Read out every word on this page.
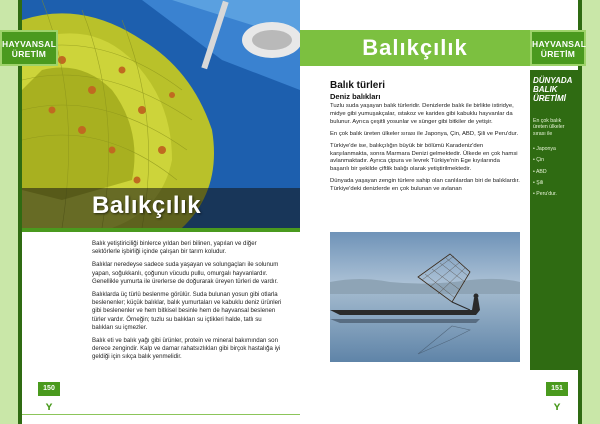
Balıkçılık

Balık yetiştiriciliği binlerce yıldan beri bilinen, yapılan ve diğer sektörlerle işbirliği içinde çalışan bir tarım koludur.

Balıklar neredeyse sadece suda yaşayan ve solungaçları ile solunum yapan, soğukkanlı, çoğunun vücudu pullu, omurgalı hayvanlardır. Genellikle yumurta ile ürerlerse de doğurarak üreyen türleri de vardır.

Balıklarda üç türlü beslenme görülür. Suda bulunan yosun gibi otlarla beslenenler; küçük balıklar, balık yumurtaları ve kabuklu deniz ürünleri gibi beslenenler ve hem bitkisel besinle hem de hayvansal beslenen türler vardır. Örneğin; tuzlu su balıkları su içtikleri halde, tatlı su balıkları su içmezler.

Balık eti ve balık yağı gibi ürünler, protein ve mineral bakımından son derece zengindir. Kalp ve damar rahatsızlıkları gibi birçok hastalığa iyi geldiği için sıkça balık yenmelidir.

HAYVANSAL
ÜRETİM
150
ʏ
Balıkçılık
Balık türleri
Deniz balıkları

Tuzlu suda yaşayan balık türleridir. Denizlerde balık ile birlikte istiridye, midye gibi yumuşakçalar, ıstakoz ve karides gibi kabuklu hayvanlar da bulunur. Ayrıca çeşitli yosunlar ve sünger gibi bitkiler de yetişir.

En çok balık üreten ülkeler sırası ile Japonya, Çin, ABD, Şili ve Peru'dur.

Türkiye'de ise, balıkçılığın büyük bir bölümü Karadeniz'den karşılanmakta, sonra Marmara Denizi gelmektedir. Ülkede en çok hamsi avlanmaktadır. Ayrıca çipura ve levrek Türkiye'nin Ege kıyılarında başarılı bir şekilde çiftlik balığı olarak yetiştirilmektedir.

Dünyada yaşayan zengin türlere sahip olan canlılardan biri de balıklardır. Türkiye'deki denizlerde en çok bulunan ve avlanan

HAYVANSAL
ÜRETİM
DÜNYADA
BALIK
ÜRETİMİ
En çok balık üreten ülkeler sırası ile
• Japonya
• Çin
• ABD
• Şili
• Peru'dur.
151
ʏ
